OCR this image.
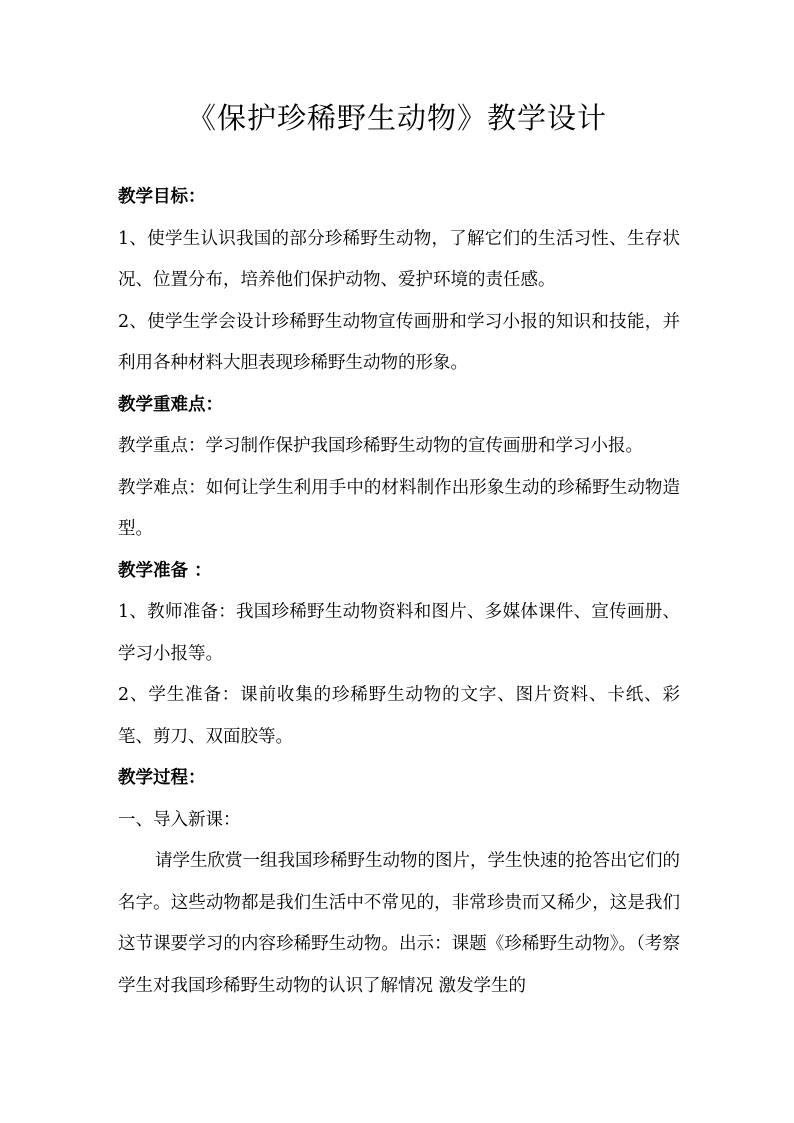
《保护珍稀野生动物》教学设计

教学目标：

1、使学生认识我国的部分珍稀野生动物，了解它们的生活习性、生存状况、位置分布，培养他们保护动物、爱护环境的责任感。

2、使学生学会设计珍稀野生动物宣传画册和学习小报的知识和技能，并利用各种材料大胆表现珍稀野生动物的形象。

教学重难点：

教学重点：学习制作保护我国珍稀野生动物的宣传画册和学习小报。

教学难点：如何让学生利用手中的材料制作出形象生动的珍稀野生动物造型。

教学准备 ：

1、教师准备：我国珍稀野生动物资料和图片、多媒体课件、宣传画册、学习小报等。

2、学生准备：课前收集的珍稀野生动物的文字、图片资料、卡纸、彩笔、剪刀、双面胶等。

教学过程：

一、导入新课：

请学生欣赏一组我国珍稀野生动物的图片，学生快速的抢答出它们的名字。这些动物都是我们生活中不常见的，非常珍贵而又稀少，这是我们这节课要学习的内容珍稀野生动物。出示：课题《珍稀野生动物》。（考察学生对我国珍稀野生动物的认识了解情况 激发学生的
